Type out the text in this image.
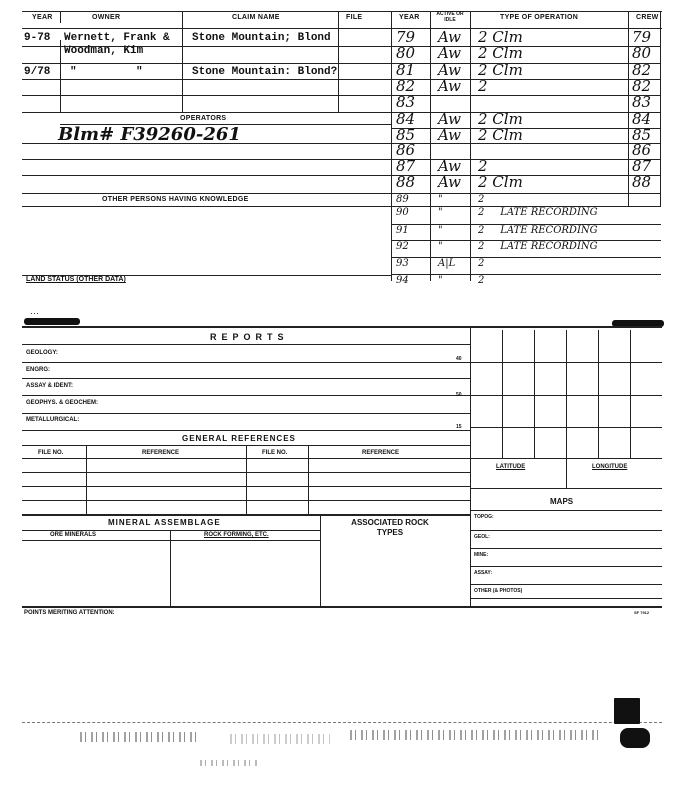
YEAR	OWNER	CLAIM NAME	FILE	YEAR	ACTIVE OR IDLE	TYPE OF OPERATION	CREW
9-78 Wernett, Frank & Stone Mountain; Blond
Woodman, Kim
9/78 "         "	Stone Mountain: Blond?
OPERATORS
Blm# F39260-261
OTHER PERSONS HAVING KNOWLEDGE
79 Aw 2 Clm	79
80 Aw 2 Clm	80
81 Aw 2 Clm	82
82 Aw 2	82
83	83
84 Aw 2 Clm	84
85 Aw 2 Clm	85
86	86
87 Aw 2	87
88 Aw 2 Clm	88
89	"	2
90	"	2     LATE RECORDING
91	"	2     LATE RECORDING
92	"	2     LATE RECORDING
93	A|L 2
94	"	2
LAND STATUS (OTHER DATA)
···
REPORTS
GEOLOGY:
40
ENGRG:
ASSAY & IDENT:
GEOPHYS. & GEOCHEM:
50
METALLURGICAL:
15
GENERAL REFERENCES
FILE NO.	REFERENCE	FILE NO.	REFERENCE
MINERAL ASSEMBLAGE
ORE MINERALS	ROCK FORMING, ETC.
ASSOCIATED ROCK TYPES
LATITUDE	LONGITUDE
MAPS
TOPOG:
GEOL:
MINE:
ASSAY:
OTHER (& PHOTOS)
POINTS MERITING ATTENTION:	SF 7912
